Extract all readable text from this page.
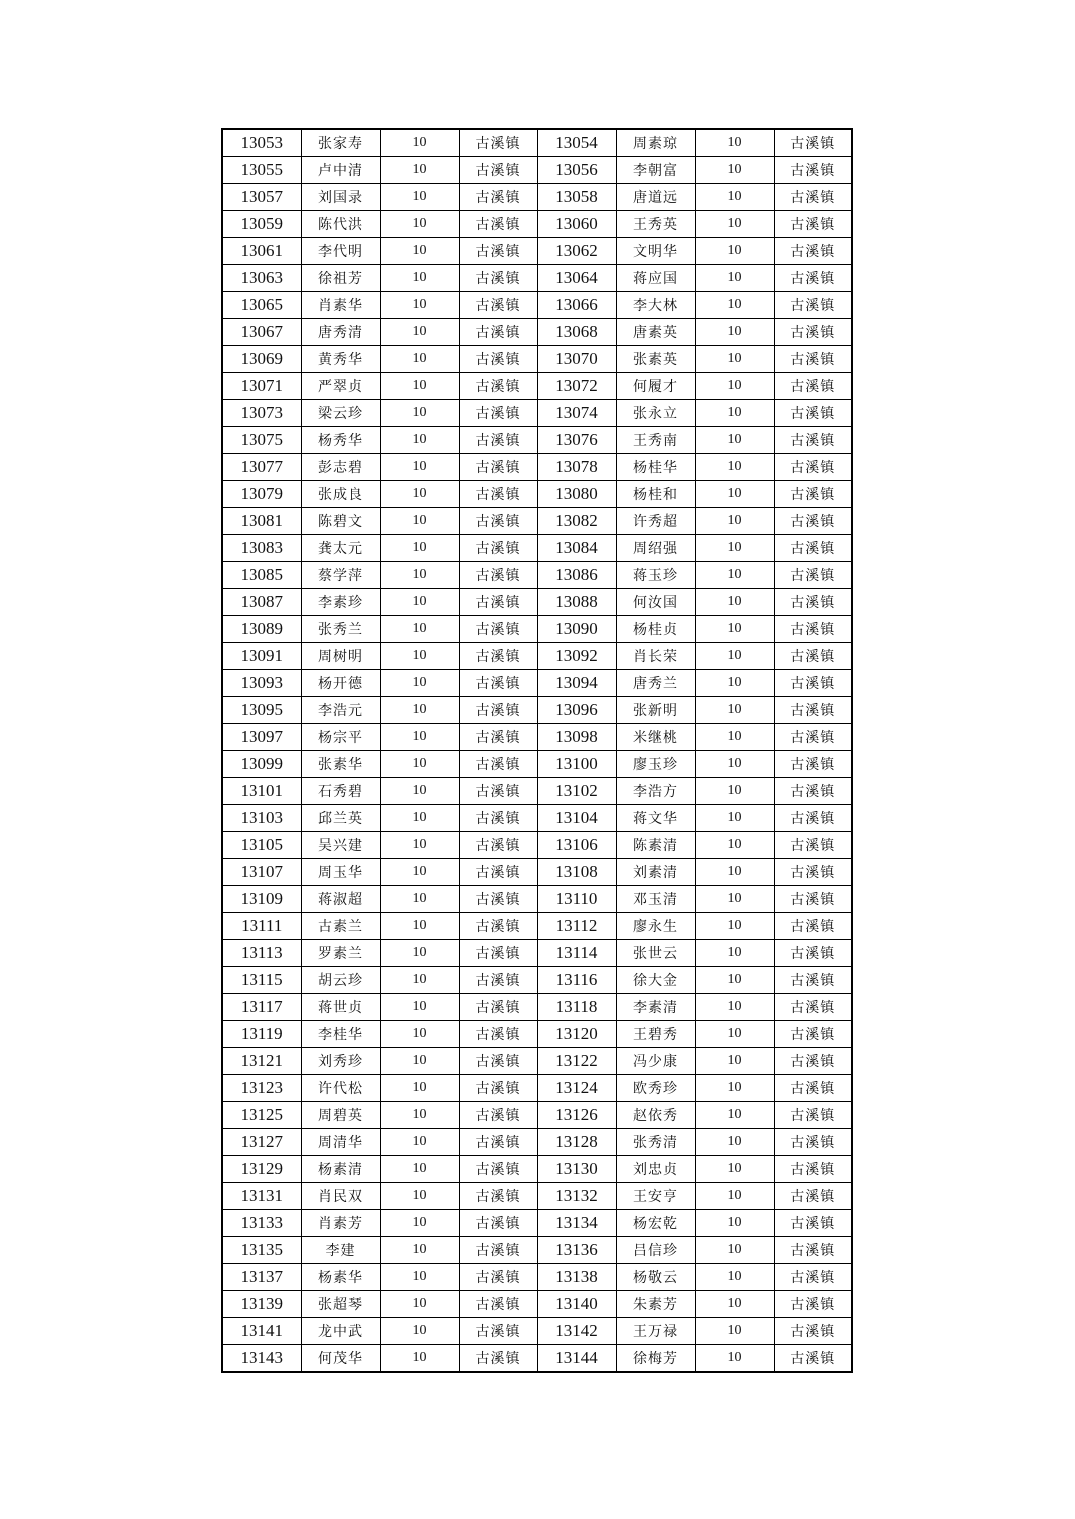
13053	张家寿	10	古溪镇	13054	周素琼	10	古溪镇
13055	卢中清	10	古溪镇	13056	李朝富	10	古溪镇
13057	刘国录	10	古溪镇	13058	唐道远	10	古溪镇
13059	陈代洪	10	古溪镇	13060	王秀英	10	古溪镇
13061	李代明	10	古溪镇	13062	文明华	10	古溪镇
13063	徐祖芳	10	古溪镇	13064	蒋应国	10	古溪镇
13065	肖素华	10	古溪镇	13066	李大林	10	古溪镇
13067	唐秀清	10	古溪镇	13068	唐素英	10	古溪镇
13069	黄秀华	10	古溪镇	13070	张素英	10	古溪镇
13071	严翠贞	10	古溪镇	13072	何履才	10	古溪镇
13073	梁云珍	10	古溪镇	13074	张永立	10	古溪镇
13075	杨秀华	10	古溪镇	13076	王秀南	10	古溪镇
13077	彭志碧	10	古溪镇	13078	杨桂华	10	古溪镇
13079	张成良	10	古溪镇	13080	杨桂和	10	古溪镇
13081	陈碧文	10	古溪镇	13082	许秀超	10	古溪镇
13083	龚太元	10	古溪镇	13084	周绍强	10	古溪镇
13085	蔡学萍	10	古溪镇	13086	蒋玉珍	10	古溪镇
13087	李素珍	10	古溪镇	13088	何汝国	10	古溪镇
13089	张秀兰	10	古溪镇	13090	杨桂贞	10	古溪镇
13091	周树明	10	古溪镇	13092	肖长荣	10	古溪镇
13093	杨开德	10	古溪镇	13094	唐秀兰	10	古溪镇
13095	李浩元	10	古溪镇	13096	张新明	10	古溪镇
13097	杨宗平	10	古溪镇	13098	米继桃	10	古溪镇
13099	张素华	10	古溪镇	13100	廖玉珍	10	古溪镇
13101	石秀碧	10	古溪镇	13102	李浩方	10	古溪镇
13103	邱兰英	10	古溪镇	13104	蒋文华	10	古溪镇
13105	吴兴建	10	古溪镇	13106	陈素清	10	古溪镇
13107	周玉华	10	古溪镇	13108	刘素清	10	古溪镇
13109	蒋淑超	10	古溪镇	13110	邓玉清	10	古溪镇
13111	古素兰	10	古溪镇	13112	廖永生	10	古溪镇
13113	罗素兰	10	古溪镇	13114	张世云	10	古溪镇
13115	胡云珍	10	古溪镇	13116	徐大金	10	古溪镇
13117	蒋世贞	10	古溪镇	13118	李素清	10	古溪镇
13119	李桂华	10	古溪镇	13120	王碧秀	10	古溪镇
13121	刘秀珍	10	古溪镇	13122	冯少康	10	古溪镇
13123	许代松	10	古溪镇	13124	欧秀珍	10	古溪镇
13125	周碧英	10	古溪镇	13126	赵依秀	10	古溪镇
13127	周清华	10	古溪镇	13128	张秀清	10	古溪镇
13129	杨素清	10	古溪镇	13130	刘忠贞	10	古溪镇
13131	肖民双	10	古溪镇	13132	王安亨	10	古溪镇
13133	肖素芳	10	古溪镇	13134	杨宏乾	10	古溪镇
13135	李建	10	古溪镇	13136	吕信珍	10	古溪镇
13137	杨素华	10	古溪镇	13138	杨敬云	10	古溪镇
13139	张超琴	10	古溪镇	13140	朱素芳	10	古溪镇
13141	龙中武	10	古溪镇	13142	王万禄	10	古溪镇
13143	何茂华	10	古溪镇	13144	徐梅芳	10	古溪镇
